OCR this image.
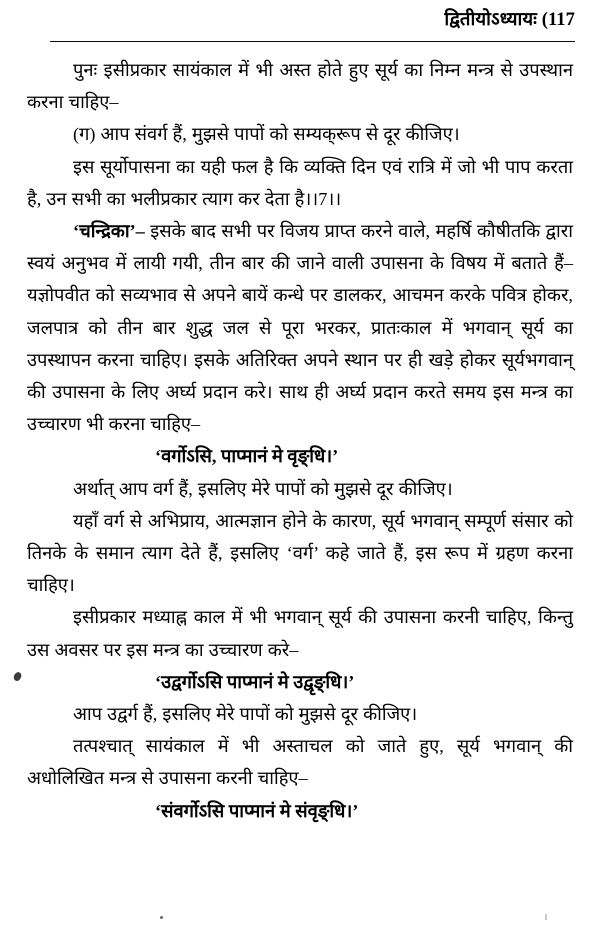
द्वितीयोऽध्यायः (117

पुनः इसीप्रकार सायंकाल में भी अस्त होते हुए सूर्य का निम्न मन्त्र से उपस्थान करना चाहिए–

(ग) आप संवर्ग हैं, मुझसे पापों को सम्यक्‌रूप से दूर कीजिए।

इस सूर्योपासना का यही फल है कि व्यक्ति दिन एवं रात्रि में जो भी पाप करता है, उन सभी का भलीप्रकार त्याग कर देता है।।7।।

‘चन्द्रिका’– इसके बाद सभी पर विजय प्राप्त करने वाले, महर्षि कौषीतकि द्वारा स्वयं अनुभव में लायी गयी, तीन बार की जाने वाली उपासना के विषय में बताते हैं– यज्ञोपवीत को सव्यभाव से अपने बायें कन्धे पर डालकर, आचमन करके पवित्र होकर, जलपात्र को तीन बार शुद्ध जल से पूरा भरकर, प्रातःकाल में भगवान् सूर्य का उपस्थापन करना चाहिए। इसके अतिरिक्त अपने स्थान पर ही खड़े होकर सूर्यभगवान् की उपासना के लिए अर्घ्य प्रदान करे। साथ ही अर्घ्य प्रदान करते समय इस मन्त्र का उच्चारण भी करना चाहिए–

‘वर्गोऽसि, पाप्मानं मे वृङ्धि।’

अर्थात् आप वर्ग हैं, इसलिए मेरे पापों को मुझसे दूर कीजिए।

यहाँ वर्ग से अभिप्राय, आत्मज्ञान होने के कारण, सूर्य भगवान् सम्पूर्ण संसार को तिनके के समान त्याग देते हैं, इसलिए ‘वर्ग’ कहे जाते हैं, इस रूप में ग्रहण करना चाहिए।

इसीप्रकार मध्याह्न काल में भी भगवान् सूर्य की उपासना करनी चाहिए, किन्तु उस अवसर पर इस मन्त्र का उच्चारण करे–

‘उद्वर्गोऽसि पाप्मानं मे उद्वृङ्धि।’

आप उद्वर्ग हैं, इसलिए मेरे पापों को मुझसे दूर कीजिए।

तत्पश्चात् सायंकाल में भी अस्ताचल को जाते हुए, सूर्य भगवान् की अधोलिखित मन्त्र से उपासना करनी चाहिए–

‘संवर्गोऽसि पाप्मानं मे संवृङ्धि।’
